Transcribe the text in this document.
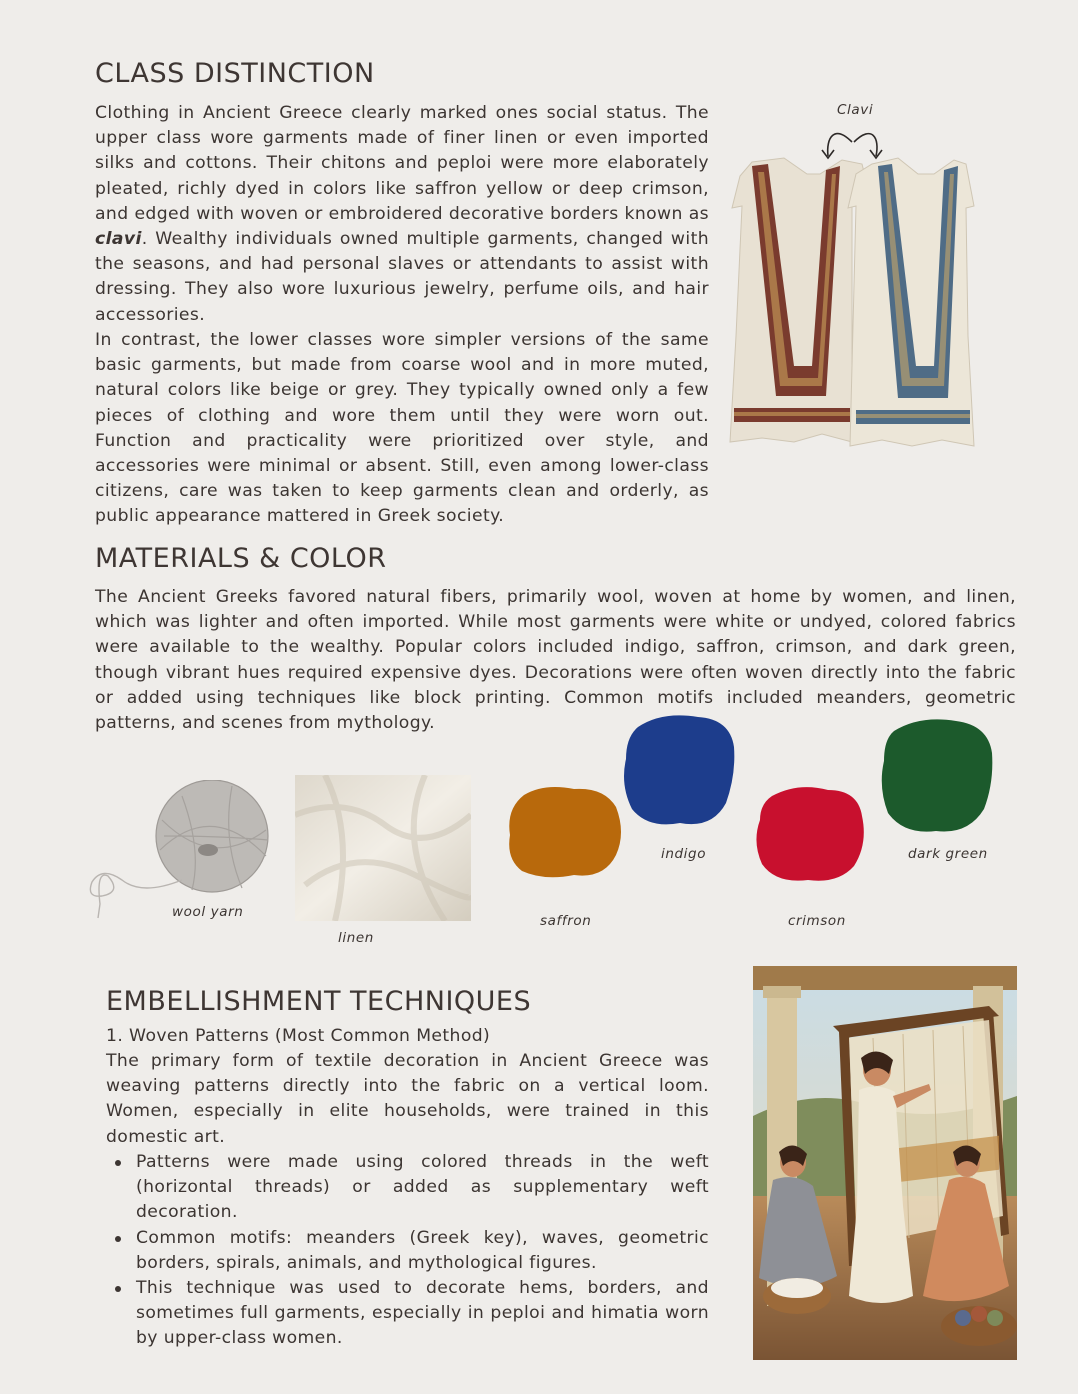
CLASS DISTINCTION

Clothing in Ancient Greece clearly marked ones social status. The upper class wore garments made of finer linen or even imported silks and cottons. Their chitons and peploi were more elaborately pleated, richly dyed in colors like saffron yellow or deep crimson, and edged with woven or embroidered decorative borders known as clavi. Wealthy individuals owned multiple garments, changed with the seasons, and had personal slaves or attendants to assist with dressing. They also wore luxurious jewelry, perfume oils, and hair accessories.

In contrast, the lower classes wore simpler versions of the same basic garments, but made from coarse wool and in more muted, natural colors like beige or grey. They typically owned only a few pieces of clothing and wore them until they were worn out. Function and practicality were prioritized over style, and accessories were minimal or absent. Still, even among lower-class citizens, care was taken to keep garments clean and orderly, as public appearance mattered in Greek society.

Clavi
MATERIALS & COLOR

The Ancient Greeks favored natural fibers, primarily wool, woven at home by women, and linen, which was lighter and often imported. While most garments were white or undyed, colored fabrics were available to the wealthy. Popular colors included indigo, saffron, crimson, and dark green, though vibrant hues required expensive dyes. Decorations were often woven directly into the fabric or added using techniques like block printing. Common motifs included meanders, geometric patterns, and scenes from mythology.

wool yarn
linen
saffron
indigo
crimson
dark green
EMBELLISHMENT TECHNIQUES
1. Woven Patterns (Most Common Method)

The primary form of textile decoration in Ancient Greece was weaving patterns directly into the fabric on a vertical loom. Women, especially in elite households, were trained in this domestic art.

Patterns were made using colored threads in the weft (horizontal threads) or added as supplementary weft decoration.
Common motifs: meanders (Greek key), waves, geometric borders, spirals, animals, and mythological figures.
This technique was used to decorate hems, borders, and sometimes full garments, especially in peploi and himatia worn by upper-class women.
